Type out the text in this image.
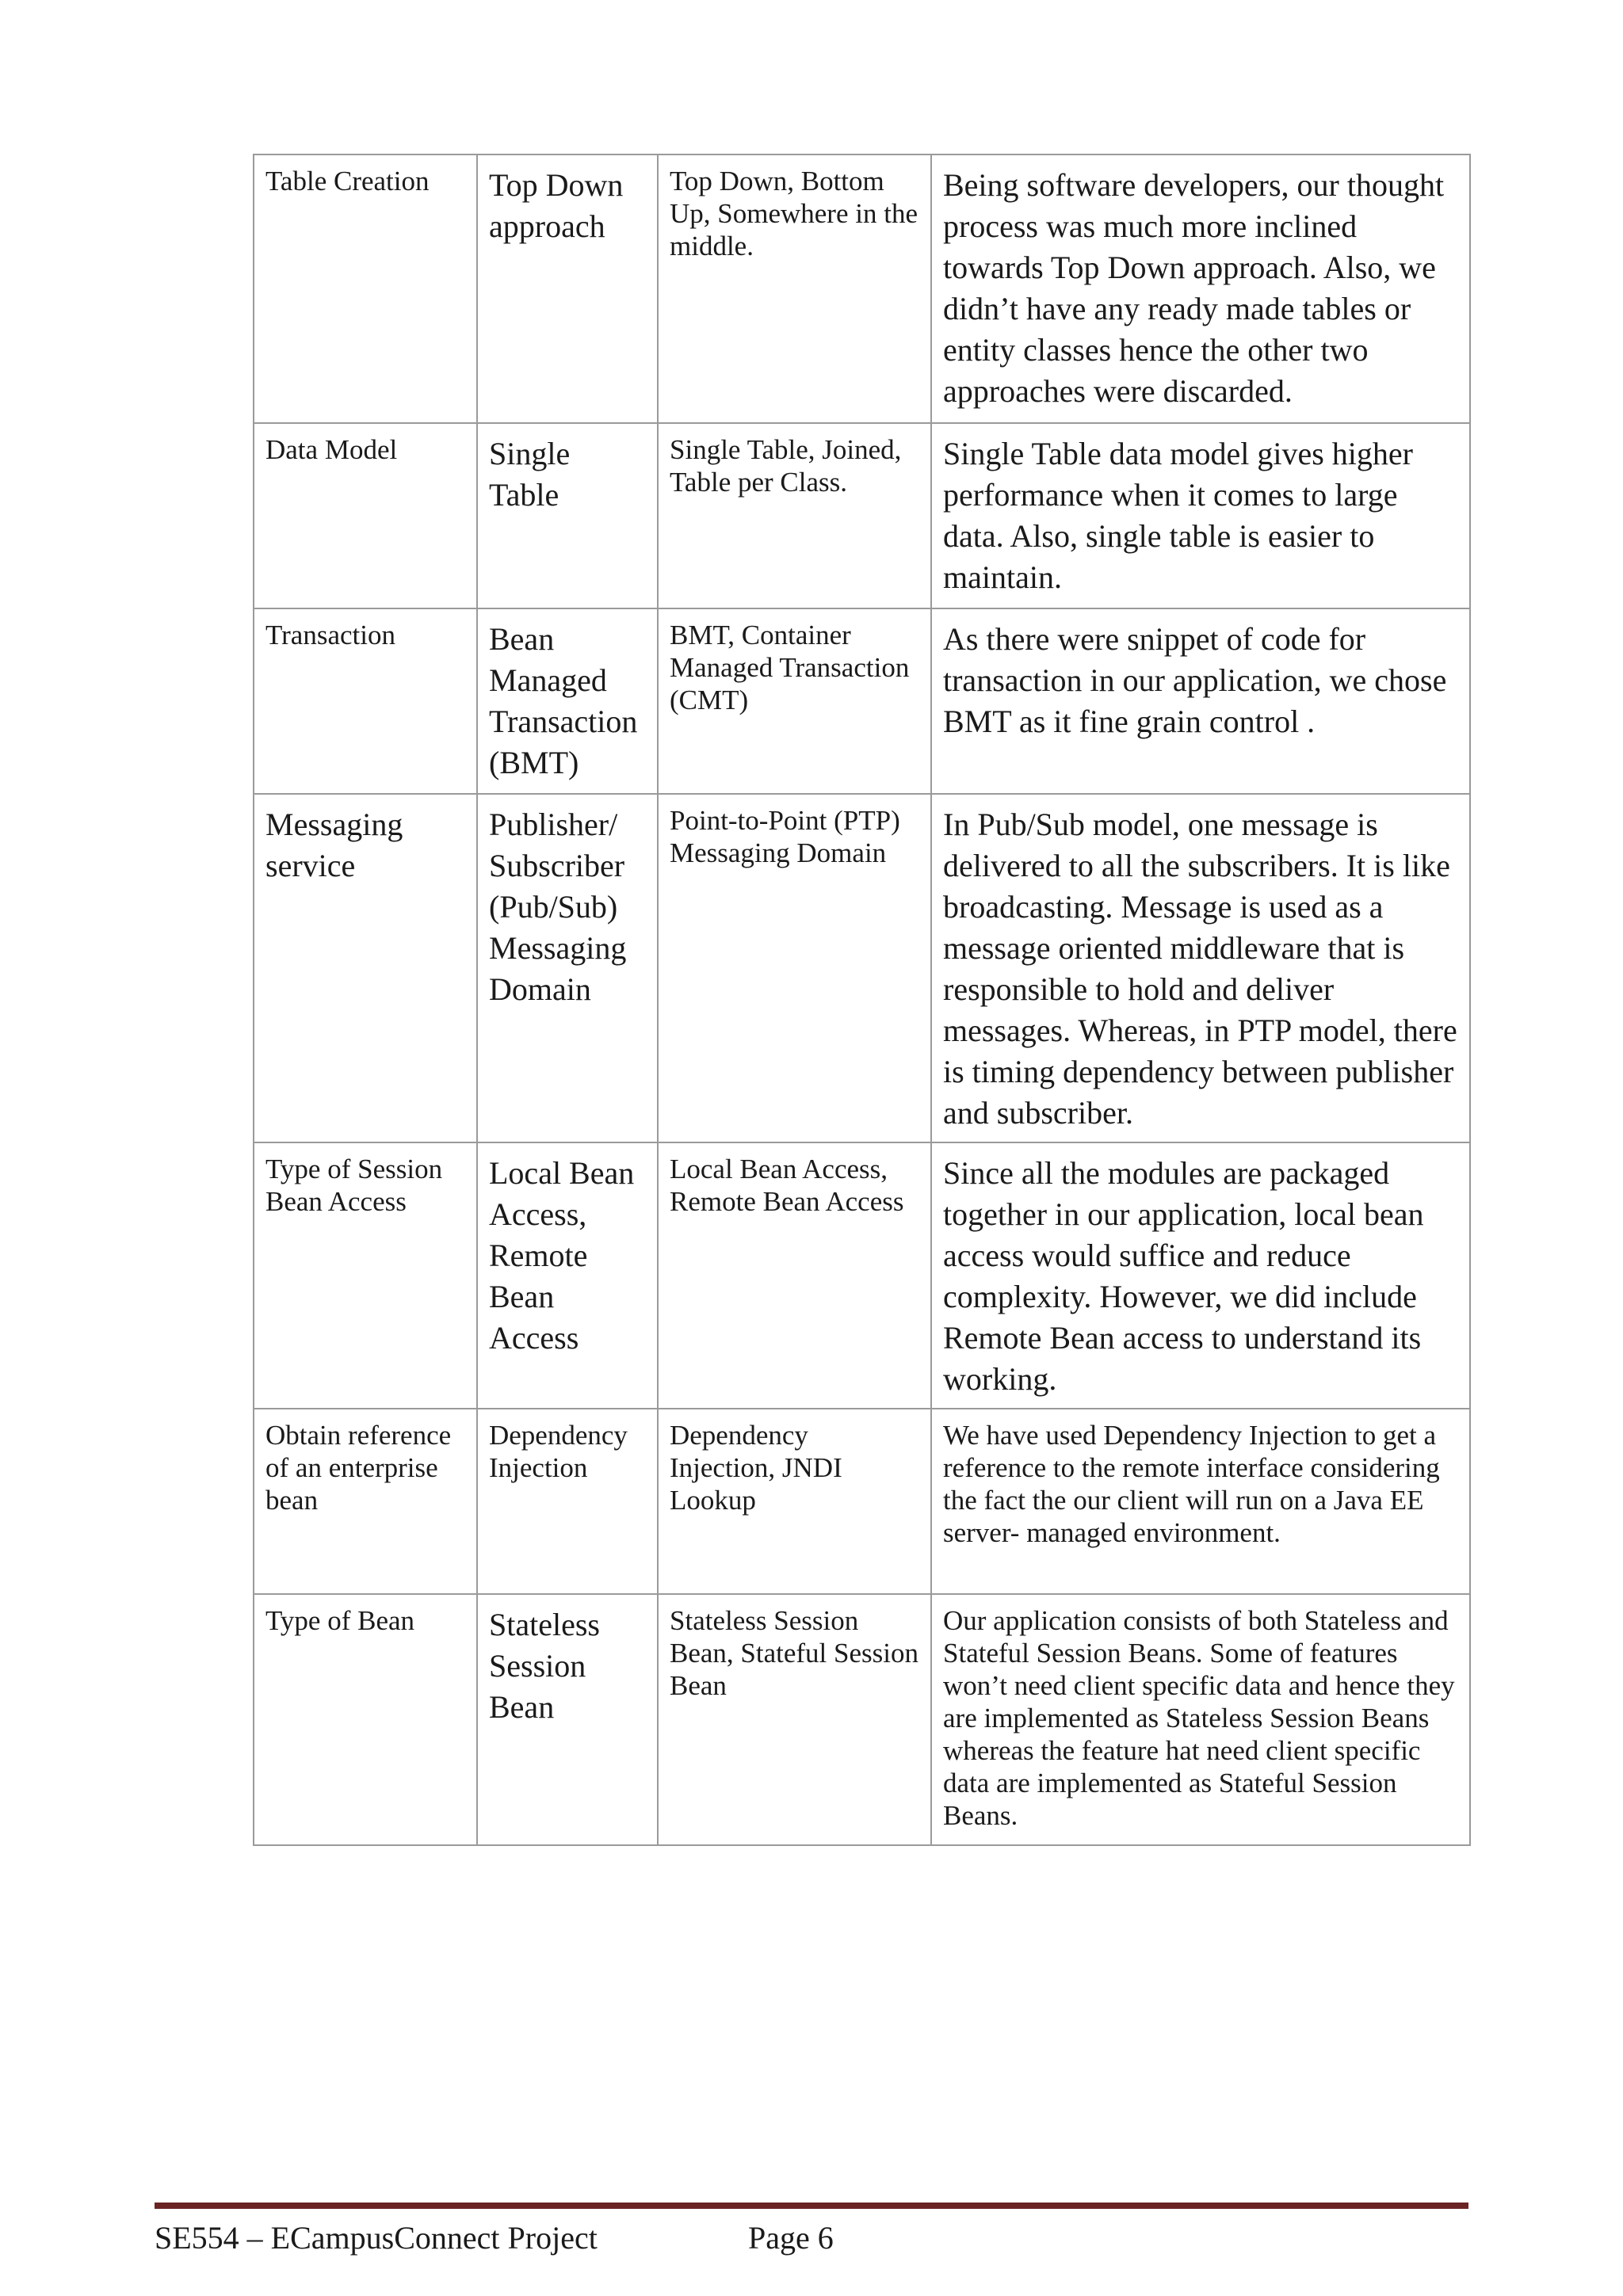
Table Creation	Top Down approach	Top Down, Bottom Up, Somewhere in the middle.	Being software developers, our thought process was much more inclined towards Top Down approach. Also, we didn’t have any ready made tables or entity classes hence the other two approaches were discarded.
Data Model	Single Table	Single Table, Joined, Table per Class.	Single Table data model gives higher performance when it comes to large data. Also, single table is easier to maintain.
Transaction	Bean Managed Transaction (BMT)	BMT, Container Managed Transaction (CMT)	As there were snippet of code for transaction in our application, we chose BMT as it fine grain control .
Messaging service	Publisher/ Subscriber (Pub/Sub) Messaging Domain	Point-to-Point (PTP) Messaging Domain	In Pub/Sub model, one message is delivered to all the subscribers. It is like broadcasting. Message is used as a message oriented middleware that is responsible to hold and deliver messages. Whereas, in PTP model, there is timing dependency between publisher and subscriber.
Type of Session Bean Access	Local Bean Access, Remote Bean Access	Local Bean Access, Remote Bean Access	Since all the modules are packaged together in our application, local bean access would suffice and reduce complexity. However, we did include Remote Bean access to understand its working.
Obtain reference of an enterprise bean	Dependency Injection	Dependency Injection, JNDI Lookup	We have used Dependency Injection to get a reference to the remote interface considering the fact the our client will run on a Java EE server- managed environment.
Type of Bean	Stateless Session Bean	Stateless Session Bean, Stateful Session Bean	Our application consists of both Stateless and Stateful Session Beans. Some of features won’t need client specific data and hence they are implemented as Stateless Session Beans whereas the feature hat need client specific data are implemented as Stateful Session Beans.
SE554 – ECampusConnect Project	Page 6
